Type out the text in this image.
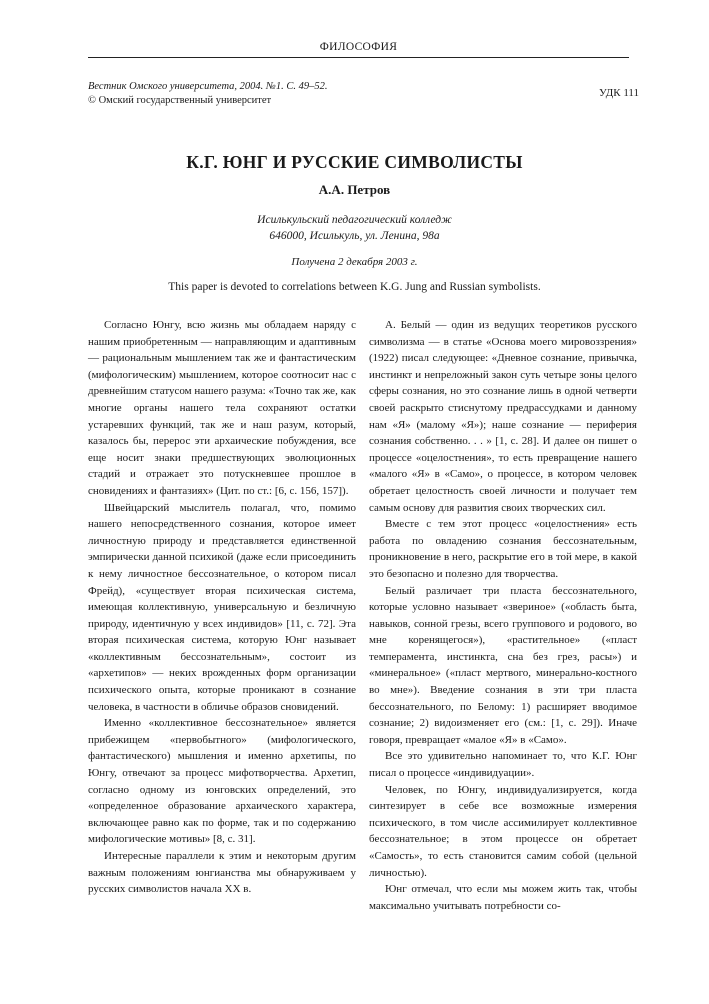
ФИЛОСОФИЯ
Вестник Омского университета, 2004. №1. С. 49–52.
© Омский государственный университет
УДК 111
К.Г. ЮНГ И РУССКИЕ СИМВОЛИСТЫ
А.А. Петров
Исилькульский педагогический колледж
646000, Исилькуль, ул. Ленина, 98а
Получена 2 декабря 2003 г.
This paper is devoted to correlations between K.G. Jung and Russian symbolists.

Согласно Юнгу, всю жизнь мы обладаем наряду с нашим приобретенным — направляющим и адаптивным — рациональным мышлением так же и фантастическим (мифологическим) мышлением, которое соотносит нас с древнейшим статусом нашего разума: «Точно так же, как многие органы нашего тела сохраняют остатки устаревших функций, так же и наш разум, который, казалось бы, перерос эти архаические побуждения, все еще носит знаки предшествующих эволюционных стадий и отражает это потускневшее прошлое в сновидениях и фантазиях» (Цит. по ст.: [6, с. 156, 157]).

Швейцарский мыслитель полагал, что, помимо нашего непосредственного сознания, которое имеет личностную природу и представляется единственной эмпирически данной психикой (даже если присоединить к нему личностное бессознательное, о котором писал Фрейд), «существует вторая психическая система, имеющая коллективную, универсальную и безличную природу, идентичную у всех индивидов» [11, с. 72]. Эта вторая психическая система, которую Юнг называет «коллективным бессознательным», состоит из «архетипов» — неких врожденных форм организации психического опыта, которые проникают в сознание человека, в частности в обличье образов сновидений.

Именно «коллективное бессознательное» является прибежищем «первобытного» (мифологического, фантастического) мышления и именно архетипы, по Юнгу, отвечают за процесс мифотворчества. Архетип, согласно одному из юнговских определений, это «определенное образование архаического характера, включающее равно как по форме, так и по содержанию мифологические мотивы» [8, с. 31].

Интересные параллели к этим и некоторым другим важным положениям юнгианства мы обнаруживаем у русских символистов начала XX в.

А. Белый — один из ведущих теоретиков русского символизма — в статье «Основа моего мировоззрения» (1922) писал следующее: «Дневное сознание, привычка, инстинкт и непреложный закон суть четыре зоны целого сферы сознания, но это сознание лишь в одной четверти своей раскрыто стиснутому предрассудками и данному нам «Я» (малому «Я»); наше сознание — периферия сознания собственно. . . » [1, с. 28]. И далее он пишет о процессе «оцелостнения», то есть превращение нашего «малого «Я» в «Само», о процессе, в котором человек обретает целостность своей личности и получает тем самым основу для развития своих творческих сил.

Вместе с тем этот процесс «оцелостнения» есть работа по овладению сознания бессознательным, проникновение в него, раскрытие его в той мере, в какой это безопасно и полезно для творчества.

Белый различает три пласта бессознательного, которые условно называет «звериное» («область быта, навыков, сонной грезы, всего группового и родового, во мне коренящегося»), «растительное» («пласт темперамента, инстинкта, сна без грез, расы») и «минеральное» («пласт мертвого, минерально-костного во мне»). Введение сознания в эти три пласта бессознательного, по Белому: 1) расширяет вводимое сознание; 2) видоизменяет его (см.: [1, с. 29]). Иначе говоря, превращает «малое «Я» в «Само».

Все это удивительно напоминает то, что К.Г. Юнг писал о процессе «индивидуации».

Человек, по Юнгу, индивидуализируется, когда синтезирует в себе все возможные измерения психического, в том числе ассимилирует коллективное бессознательное; в этом процессе он обретает «Самость», то есть становится самим собой (цельной личностью).

Юнг отмечал, что если мы можем жить так, чтобы максимально учитывать потребности со-
